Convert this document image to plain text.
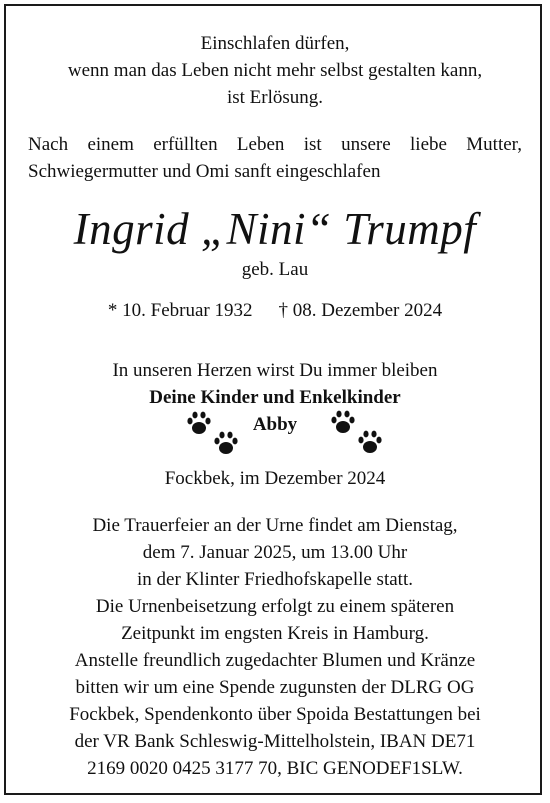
Einschlafen dürfen,
wenn man das Leben nicht mehr selbst gestalten kann,
ist Erlösung.
Nach einem erfüllten Leben ist unsere liebe Mutter,
Schwiegermutter und Omi sanft eingeschlafen
Ingrid „Nini“ Trumpf
geb. Lau
* 10. Februar 1932 † 08. Dezember 2024
In unseren Herzen wirst Du immer bleiben
Deine Kinder und Enkelkinder
Abby
Fockbek, im Dezember 2024
Die Trauerfeier an der Urne findet am Dienstag,
dem 7. Januar 2025, um 13.00 Uhr
in der Klinter Friedhofskapelle statt.
Die Urnenbeisetzung erfolgt zu einem späteren
Zeitpunkt im engsten Kreis in Hamburg.
Anstelle freundlich zugedachter Blumen und Kränze
bitten wir um eine Spende zugunsten der DLRG OG
Fockbek, Spendenkonto über Spoida Bestattungen bei
der VR Bank Schleswig-Mittelholstein, IBAN DE71
2169 0020 0425 3177 70, BIC GENODEF1SLW.
